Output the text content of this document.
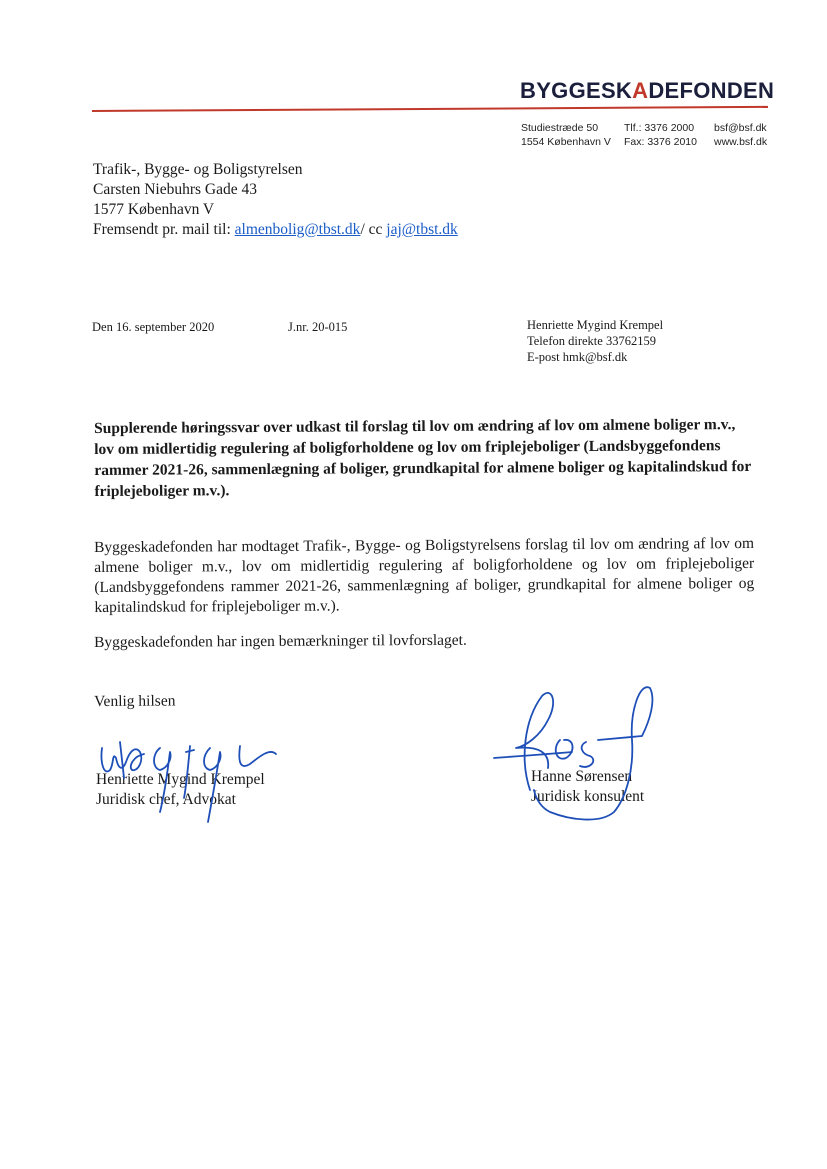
BYGGESKADEFONDEN
Studiestræde 50 Tlf.: 3376 2000 bsf@bsf.dk
1554 København V Fax: 3376 2010 www.bsf.dk
Trafik-, Bygge- og Boligstyrelsen
Carsten Niebuhrs Gade 43
1577 København V
Fremsendt pr. mail til: almenbolig@tbst.dk/ cc jaj@tbst.dk
Den 16. september 2020	J.nr. 20-015	Henriette Mygind Krempel
Telefon direkte 33762159
E-post hmk@bsf.dk
Supplerende høringssvar over udkast til forslag til lov om ændring af lov om almene boliger m.v., lov om midlertidig regulering af boligforholdene og lov om friplejeboliger (Landsbyggefondens rammer 2021-26, sammenlægning af boliger, grundkapital for almene boliger og kapitalindskud for friplejeboliger m.v.).
Byggeskadefonden har modtaget Trafik-, Bygge- og Boligstyrelsens forslag til lov om ændring af lov om almene boliger m.v., lov om midlertidig regulering af boligforholdene og lov om friplejeboliger (Landsbyggefondens rammer 2021-26, sammenlægning af boliger, grundkapital for almene boliger og kapitalindskud for friplejeboliger m.v.).
Byggeskadefonden har ingen bemærkninger til lovforslaget.
Venlig hilsen
Henriette Mygind Krempel
Juridisk chef, Advokat
Hanne Sørensen
Juridisk konsulent
